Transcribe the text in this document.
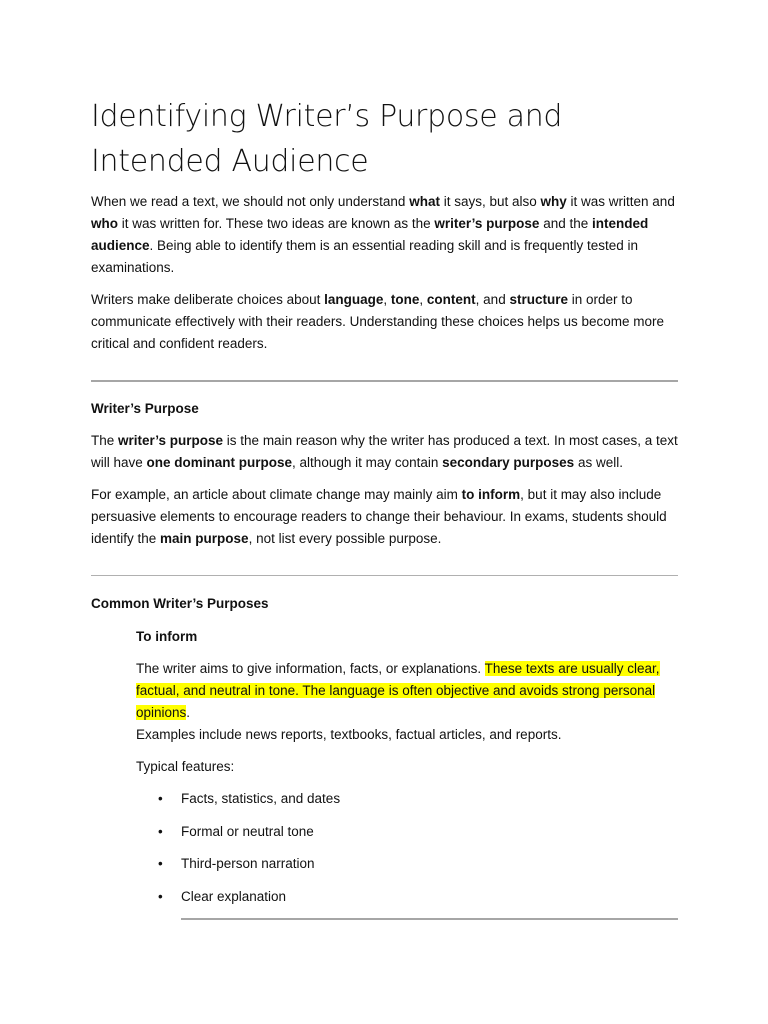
Identifying Writer’s Purpose and Intended Audience

When we read a text, we should not only understand what it says, but also why it was written and who it was written for. These two ideas are known as the writer’s purpose and the intended audience. Being able to identify them is an essential reading skill and is frequently tested in examinations.

Writers make deliberate choices about language, tone, content, and structure in order to communicate effectively with their readers. Understanding these choices helps us become more critical and confident readers.

Writer’s Purpose

The writer’s purpose is the main reason why the writer has produced a text. In most cases, a text will have one dominant purpose, although it may contain secondary purposes as well.

For example, an article about climate change may mainly aim to inform, but it may also include persuasive elements to encourage readers to change their behaviour. In exams, students should identify the main purpose, not list every possible purpose.

Common Writer’s Purposes

To inform

The writer aims to give information, facts, or explanations. These texts are usually clear, factual, and neutral in tone. The language is often objective and avoids strong personal opinions.

Examples include news reports, textbooks, factual articles, and reports.

Typical features:

• Facts, statistics, and dates
• Formal or neutral tone
• Third-person narration
• Clear explanation
